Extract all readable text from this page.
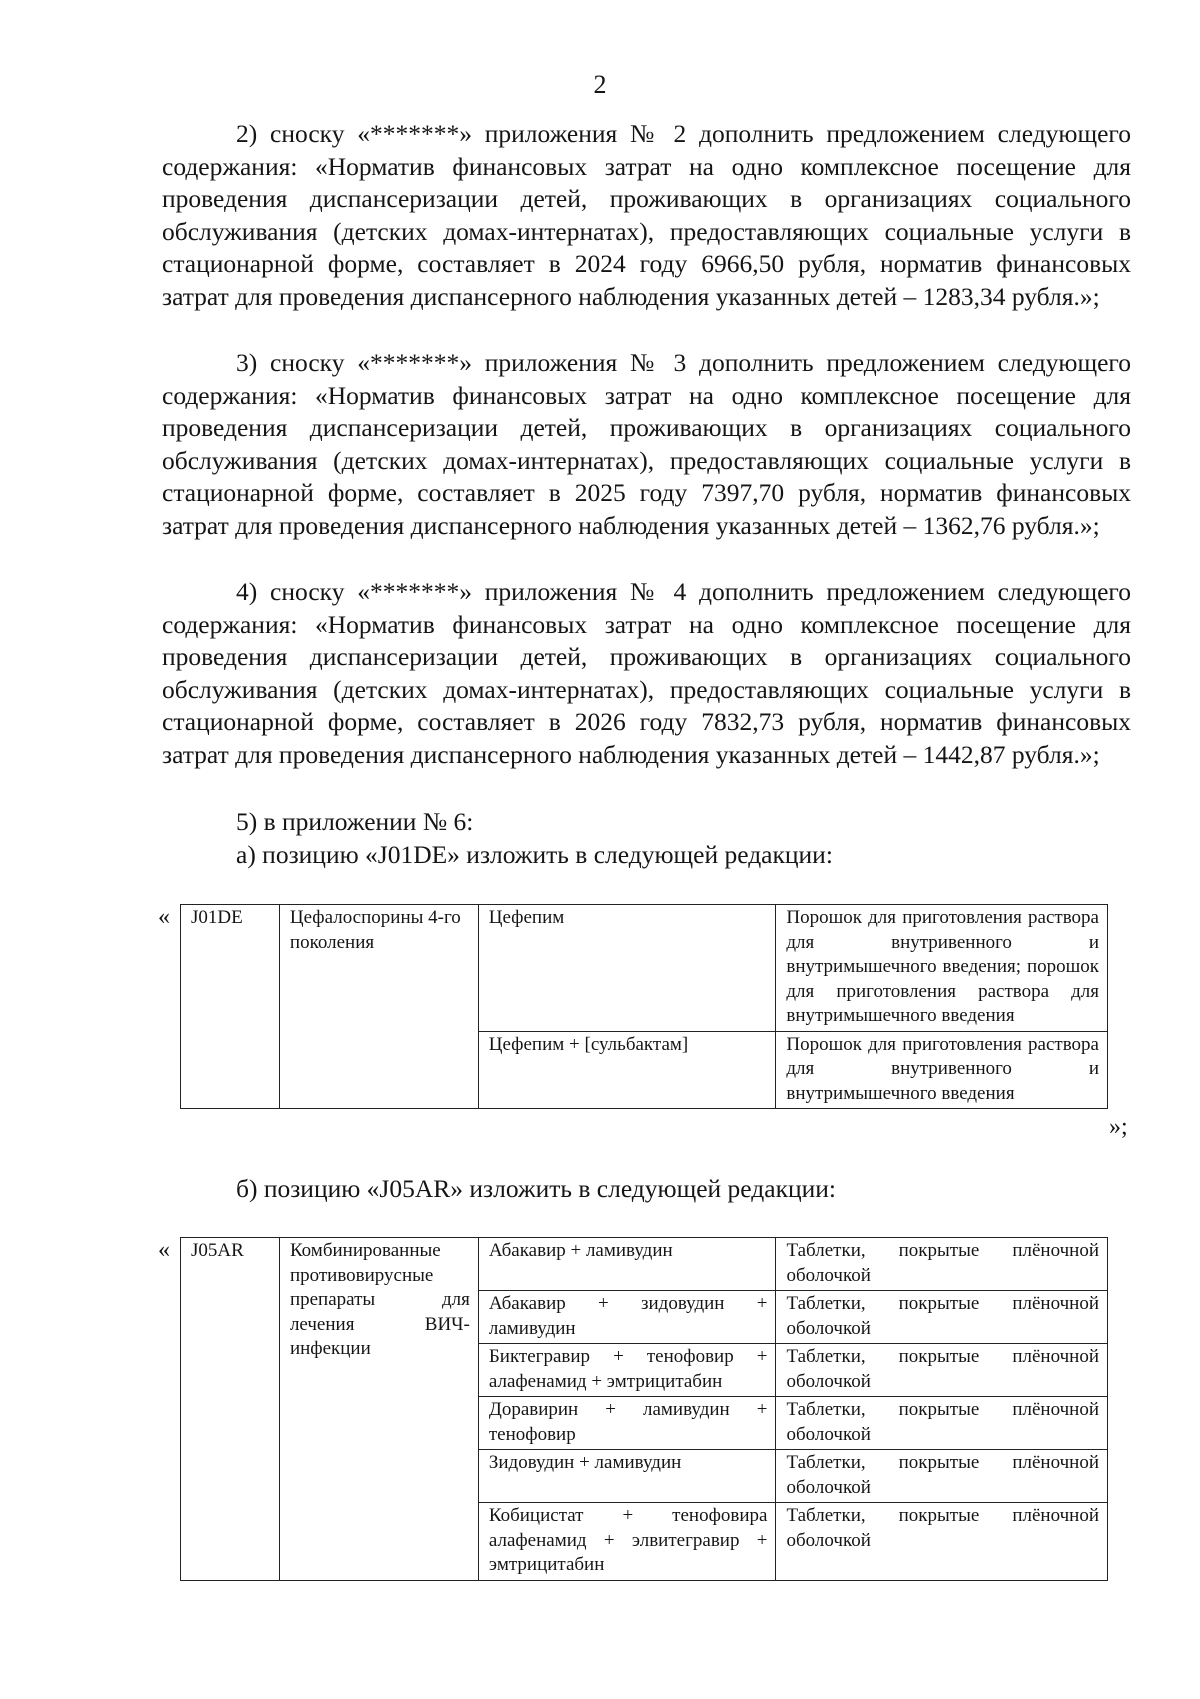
2

2) сноску «*******» приложения № 2 дополнить предложением следующего содержания: «Норматив финансовых затрат на одно комплексное посещение для проведения диспансеризации детей, проживающих в организациях социального обслуживания (детских домах-интернатах), предоставляющих социальные услуги в стационарной форме, составляет в 2024 году 6966,50 рубля, норматив финансовых затрат для проведения диспансерного наблюдения указанных детей – 1283,34 рубля.»;

3) сноску «*******» приложения № 3 дополнить предложением следующего содержания: «Норматив финансовых затрат на одно комплексное посещение для проведения диспансеризации детей, проживающих в организациях социального обслуживания (детских домах-интернатах), предоставляющих социальные услуги в стационарной форме, составляет в 2025 году 7397,70 рубля, норматив финансовых затрат для проведения диспансерного наблюдения указанных детей – 1362,76 рубля.»;

4) сноску «*******» приложения № 4 дополнить предложением следующего содержания: «Норматив финансовых затрат на одно комплексное посещение для проведения диспансеризации детей, проживающих в организациях социального обслуживания (детских домах-интернатах), предоставляющих социальные услуги в стационарной форме, составляет в 2026 году 7832,73 рубля, норматив финансовых затрат для проведения диспансерного наблюдения указанных детей – 1442,87 рубля.»;

5) в приложении № 6:

а) позицию «J01DE» изложить в следующей редакции:

« J01DE	Цефалоспорины 4-го поколения	Цефепим	Порошок для приготовления раствора для внутривенного и внутримышечного введения; порошок для приготовления раствора для внутримышечного введения
		Цефепим + [сульбактам]	Порошок для приготовления раствора для внутривенного и внутримышечного введения
»;

б) позицию «J05AR» изложить в следующей редакции:

« J05AR	Комбинированные противовирусные препараты для лечения ВИЧ-инфекции	Абакавир + ламивудин	Таблетки, покрытые плёночной оболочкой
		Абакавир + зидовудин + ламивудин	Таблетки, покрытые плёночной оболочкой
		Биктегравир + тенофовир + алафенамид + эмтрицитабин	Таблетки, покрытые плёночной оболочкой
		Доравирин + ламивудин + тенофовир	Таблетки, покрытые плёночной оболочкой
		Зидовудин + ламивудин	Таблетки, покрытые плёночной оболочкой
		Кобицистат + тенофовира алафенамид + элвитегравир + эмтрицитабин	Таблетки, покрытые плёночной оболочкой
